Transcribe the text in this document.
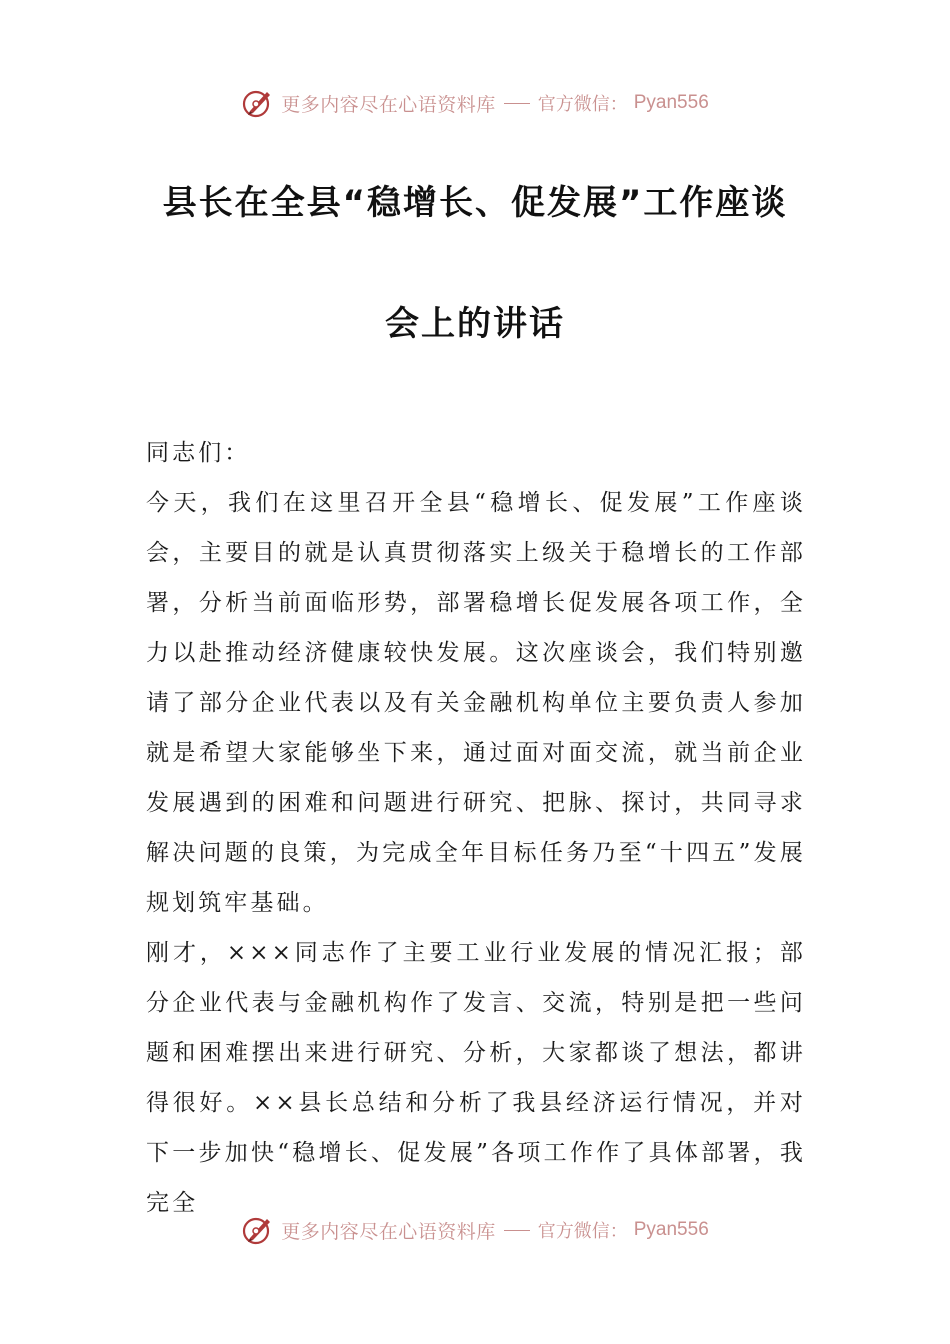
更多内容尽在心语资料库 官方微信： Pyan556
县长在全县“稳增长、促发展”工作座谈
会上的讲话

同志们：

今天，我们在这里召开全县“稳增长、促发展”工作座谈会，主要目的就是认真贯彻落实上级关于稳增长的工作部署，分析当前面临形势，部署稳增长促发展各项工作，全力以赴推动经济健康较快发展。这次座谈会，我们特别邀请了部分企业代表以及有关金融机构单位主要负责人参加就是希望大家能够坐下来，通过面对面交流，就当前企业发展遇到的困难和问题进行研究、把脉、探讨，共同寻求解决问题的良策，为完成全年目标任务乃至“十四五”发展规划筑牢基础。

刚才，×××同志作了主要工业行业发展的情况汇报；部分企业代表与金融机构作了发言、交流，特别是把一些问题和困难摆出来进行研究、分析，大家都谈了想法，都讲得很好。××县长总结和分析了我县经济运行情况，并对下一步加快“稳增长、促发展”各项工作作了具体部署，我完全

更多内容尽在心语资料库 官方微信： Pyan556
